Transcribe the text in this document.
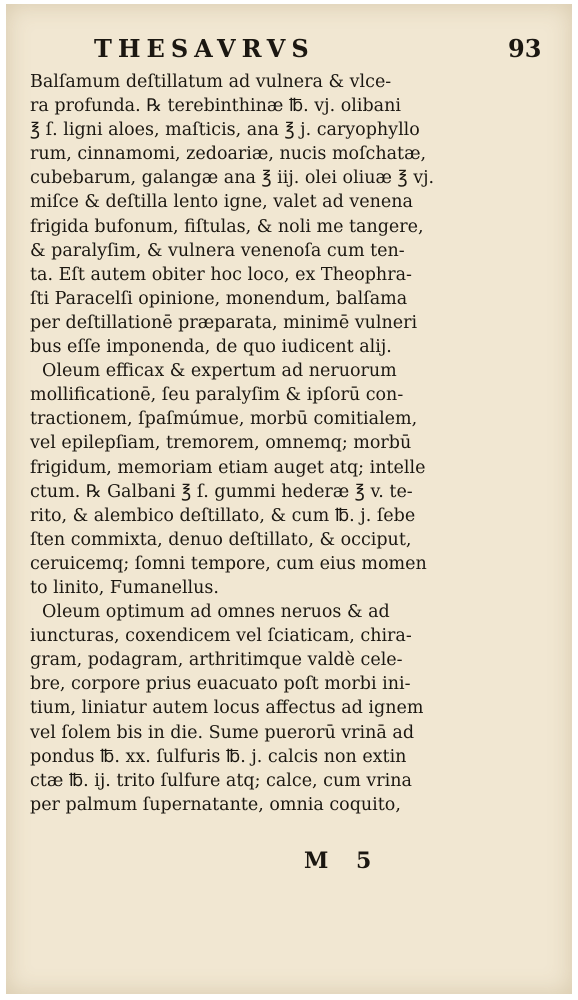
THESAVRVS	93
Balſamum deſtillatum ad vulnera & vlce-
ra profunda. ℞ terebinthinæ ℔. vj. olibani
℥ ſ. ligni aloes, maſticis, ana ℥ j. caryophyllo
rum, cinnamomi, zedoariæ, nucis moſchatæ,
cubebarum, galangæ ana ℥ iij. olei oliuæ ℥ vj.
miſce & deſtilla lento igne, valet ad venena
frigida bufonum, fiſtulas, & noli me tangere,
& paralyſim, & vulnera venenoſa cum ten-
ta. Eſt autem obiter hoc loco, ex Theophra-
ſti Paracelſi opinione, monendum, balſama
per deſtillationē præparata, minimē vulneri
bus eſſe imponenda, de quo iudicent alij.
Oleum efficax & expertum ad neruorum
mollificationē, ſeu paralyſim & ipſorū con-
tractionem, ſpaſmúmue, morbū comitialem,
vel epilepſiam, tremorem, omnemq; morbū
frigidum, memoriam etiam auget atq; intelle
ctum. ℞ Galbani ℥ ſ. gummi hederæ ℥ v. te-
rito, & alembico deſtillato, & cum ℔. j. ſebe
ſten commixta, denuo deſtillato, & occiput,
ceruicemq; ſomni tempore, cum eius momen
to linito, Fumanellus.
Oleum optimum ad omnes neruos & ad
iuncturas, coxendicem vel ſciaticam, chira-
gram, podagram, arthritimque valdè cele-
bre, corpore prius euacuato poſt morbi ini-
tium, liniatur autem locus affectus ad ignem
vel ſolem bis in die. Sume puerorū vrinā ad
pondus ℔. xx. ſulfuris ℔. j. calcis non extin
ctæ ℔. ij. trito ſulfure atq; calce, cum vrina
per palmum ſupernatante, omnia coquito,
M 5
